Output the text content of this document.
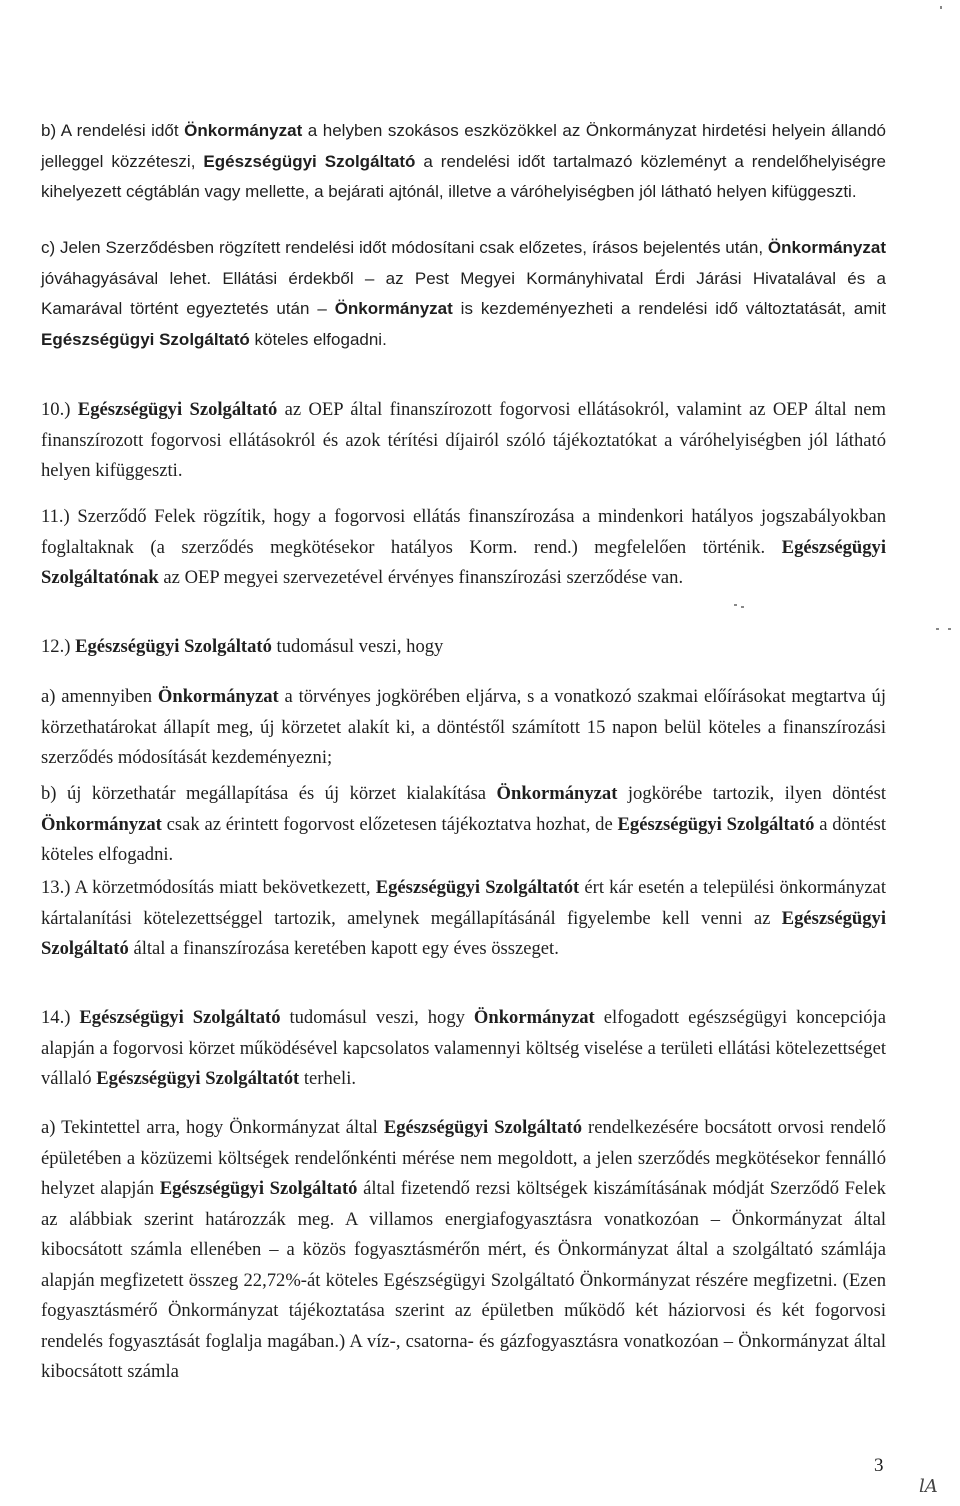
b) A rendelési időt Önkormányzat a helyben szokásos eszközökkel az Önkormányzat hirdetési helyein állandó jelleggel közzéteszi, Egészségügyi Szolgáltató a rendelési időt tartalmazó közleményt a rendelőhelyiségre kihelyezett cégtáblán vagy mellette, a bejárati ajtónál, illetve a váróhelyiségben jól látható helyen kifüggeszti.

c) Jelen Szerződésben rögzített rendelési időt módosítani csak előzetes, írásos bejelentés után, Önkormányzat jóváhagyásával lehet. Ellátási érdekből – az Pest Megyei Kormányhivatal Érdi Járási Hivatalával és a Kamarával történt egyeztetés után – Önkormányzat is kezdeményezheti a rendelési idő változtatását, amit Egészségügyi Szolgáltató köteles elfogadni.

10.) Egészségügyi Szolgáltató az OEP által finanszírozott fogorvosi ellátásokról, valamint az OEP által nem finanszírozott fogorvosi ellátásokról és azok térítési díjairól szóló tájékoztatókat a váróhelyiségben jól látható helyen kifüggeszti.

11.) Szerződő Felek rögzítik, hogy a fogorvosi ellátás finanszírozása a mindenkori hatályos jogszabályokban foglaltaknak (a szerződés megkötésekor hatályos Korm. rend.) megfelelően történik. Egészségügyi Szolgáltatónak az OEP megyei szervezetével érvényes finanszírozási szerződése van.

12.) Egészségügyi Szolgáltató tudomásul veszi, hogy

a) amennyiben Önkormányzat a törvényes jogkörében eljárva, s a vonatkozó szakmai előírásokat megtartva új körzethatárokat állapít meg, új körzetet alakít ki, a döntéstől számított 15 napon belül köteles a finanszírozási szerződés módosítását kezdeményezni;

b) új körzethatár megállapítása és új körzet kialakítása Önkormányzat jogkörébe tartozik, ilyen döntést Önkormányzat csak az érintett fogorvost előzetesen tájékoztatva hozhat, de Egészségügyi Szolgáltató a döntést köteles elfogadni.

13.) A körzetmódosítás miatt bekövetkezett, Egészségügyi Szolgáltatót ért kár esetén a települési önkormányzat kártalanítási kötelezettséggel tartozik, amelynek megállapításánál figyelembe kell venni az Egészségügyi Szolgáltató által a finanszírozása keretében kapott egy éves összeget.

14.) Egészségügyi Szolgáltató tudomásul veszi, hogy Önkormányzat elfogadott egészségügyi koncepciója alapján a fogorvosi körzet működésével kapcsolatos valamennyi költség viselése a területi ellátási kötelezettséget vállaló Egészségügyi Szolgáltatót terheli.

a) Tekintettel arra, hogy Önkormányzat által Egészségügyi Szolgáltató rendelkezésére bocsátott orvosi rendelő épületében a közüzemi költségek rendelőnkénti mérése nem megoldott, a jelen szerződés megkötésekor fennálló helyzet alapján Egészségügyi Szolgáltató által fizetendő rezsi költségek kiszámításának módját Szerződő Felek az alábbiak szerint határozzák meg. A villamos energiafogyasztásra vonatkozóan – Önkormányzat által kibocsátott számla ellenében – a közös fogyasztásmérőn mért, és Önkormányzat által a szolgáltató számlája alapján megfizetett összeg 22,72%-át köteles Egészségügyi Szolgáltató Önkormányzat részére megfizetni. (Ezen fogyasztásmérő Önkormányzat tájékoztatása szerint az épületben működő két háziorvosi és két fogorvosi rendelés fogyasztását foglalja magában.) A víz-, csatorna- és gázfogyasztásra vonatkozóan – Önkormányzat által kibocsátott számla

3
lA
